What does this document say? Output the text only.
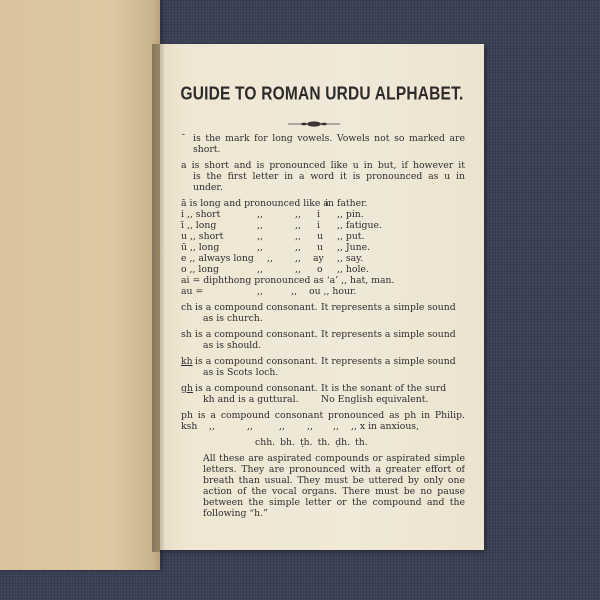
GUIDE TO ROMAN URDU ALPHABET.
¯ is the mark for long vowels. Vowels not so marked are
short.
a is short and is pronounced like u in but, if however it
is the first letter in a word it is pronounced as u in
under.
ā is long and pronounced like a
in father.
i ,, short	,,	,, i ,, pin.
ī ,, long	,,	,, i ,, fatigue.
u ,, short	,,	,, u ,, put.
ū ,, long	,,	,, u ,, June.
e ,, always long ,, ,, ay ,, say.
o ,, long	,,	,, o ,, hole.
ai = diphthong pronounced as ‘a’ ,, hat, man.
au =	,,	,, ou ,, hour.
ch is a compound consonant. It represents a simple sound
as is church.
sh is a compound consonant. It represents a simple sound
as is should.
kh is a compound consonant. It represents a simple sound
as is Scots loch.
gh is a compound consonant. It is the sonant of the surd
kh and is a guttural. No English equivalent.
ph is a compound consonant pronounced as ph in Philip.
ksh ,,	,,	,, ,, ,, ,, x in anxious,
chh. bh. ṭh. th. ḍh. th.
All these are aspirated compounds or aspirated simple
letters. They are pronounced with a greater effort of
breath than usual. They must be uttered by only one
action of the vocal organs. There must be no pause
between the simple letter or the compound and the
following “h.”
